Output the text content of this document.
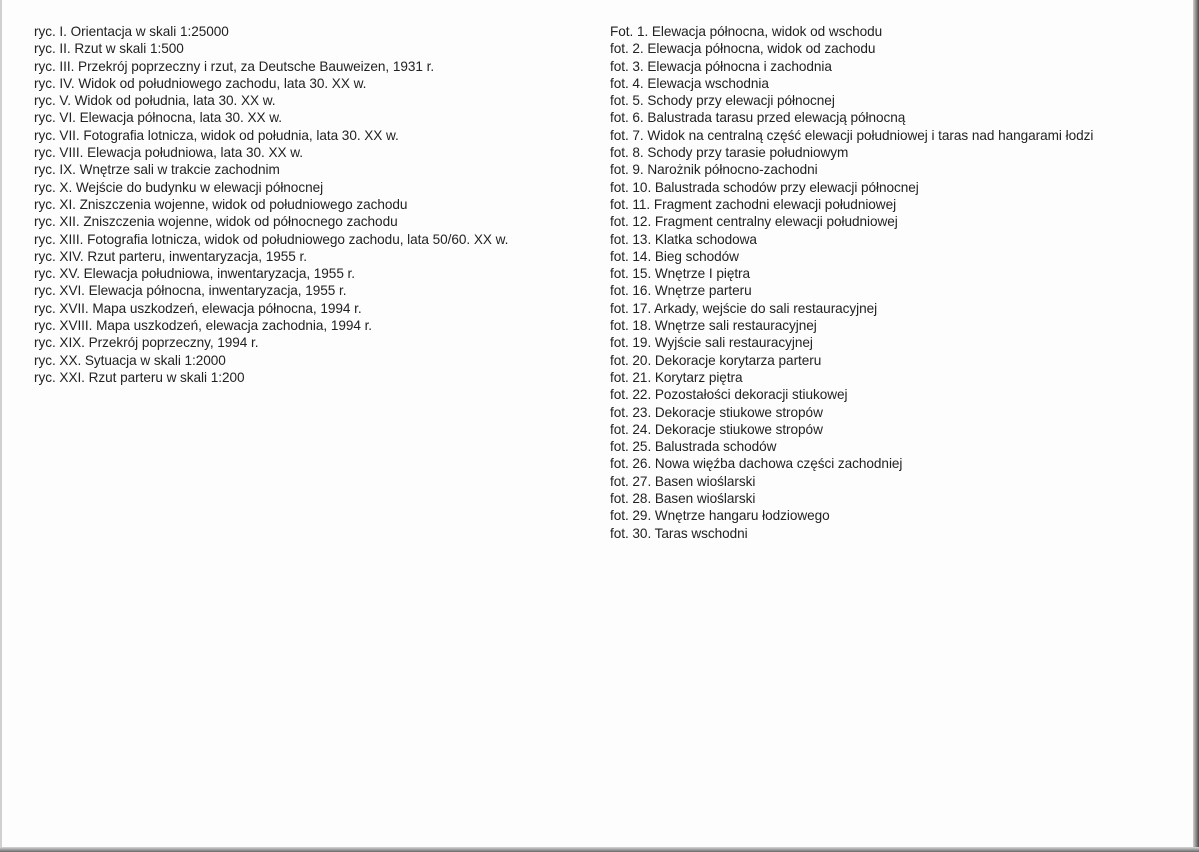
ryc. I. Orientacja w skali 1:25000
ryc. II. Rzut w skali 1:500
ryc. III. Przekrój poprzeczny i rzut, za Deutsche Bauweizen, 1931 r.
ryc. IV. Widok od południowego zachodu, lata 30. XX w.
ryc. V. Widok od południa, lata 30. XX w.
ryc. VI. Elewacja północna, lata 30. XX w.
ryc. VII. Fotografia lotnicza, widok od południa, lata 30. XX w.
ryc. VIII. Elewacja południowa, lata 30. XX w.
ryc. IX. Wnętrze sali w trakcie zachodnim
ryc. X. Wejście do budynku w elewacji północnej
ryc. XI. Zniszczenia wojenne, widok od południowego zachodu
ryc. XII. Zniszczenia wojenne, widok od północnego zachodu
ryc. XIII. Fotografia lotnicza, widok od południowego zachodu, lata 50/60. XX w.
ryc. XIV. Rzut parteru, inwentaryzacja, 1955 r.
ryc. XV. Elewacja południowa, inwentaryzacja, 1955 r.
ryc. XVI. Elewacja północna, inwentaryzacja, 1955 r.
ryc. XVII. Mapa uszkodzeń, elewacja północna, 1994 r.
ryc. XVIII. Mapa uszkodzeń, elewacja zachodnia, 1994 r.
ryc. XIX. Przekrój poprzeczny, 1994 r.
ryc. XX. Sytuacja w skali 1:2000
ryc. XXI. Rzut parteru w skali 1:200
Fot. 1. Elewacja północna, widok od wschodu
fot. 2. Elewacja północna, widok od zachodu
fot. 3. Elewacja północna i zachodnia
fot. 4. Elewacja wschodnia
fot. 5. Schody przy elewacji północnej
fot. 6. Balustrada tarasu przed elewacją północną
fot. 7. Widok na centralną część elewacji południowej i taras nad hangarami łodzi
fot. 8. Schody przy tarasie południowym
fot. 9. Narożnik północno-zachodni
fot. 10. Balustrada schodów przy elewacji północnej
fot. 11. Fragment zachodni elewacji południowej
fot. 12. Fragment centralny elewacji południowej
fot. 13. Klatka schodowa
fot. 14. Bieg schodów
fot. 15. Wnętrze I piętra
fot. 16. Wnętrze parteru
fot. 17. Arkady, wejście do sali restauracyjnej
fot. 18. Wnętrze sali restauracyjnej
fot. 19. Wyjście sali restauracyjnej
fot. 20. Dekoracje korytarza parteru
fot. 21. Korytarz piętra
fot. 22. Pozostałości dekoracji stiukowej
fot. 23. Dekoracje stiukowe stropów
fot. 24. Dekoracje stiukowe stropów
fot. 25. Balustrada schodów
fot. 26. Nowa więźba dachowa części zachodniej
fot. 27. Basen wioślarski
fot. 28. Basen wioślarski
fot. 29. Wnętrze hangaru łodziowego
fot. 30. Taras wschodni
